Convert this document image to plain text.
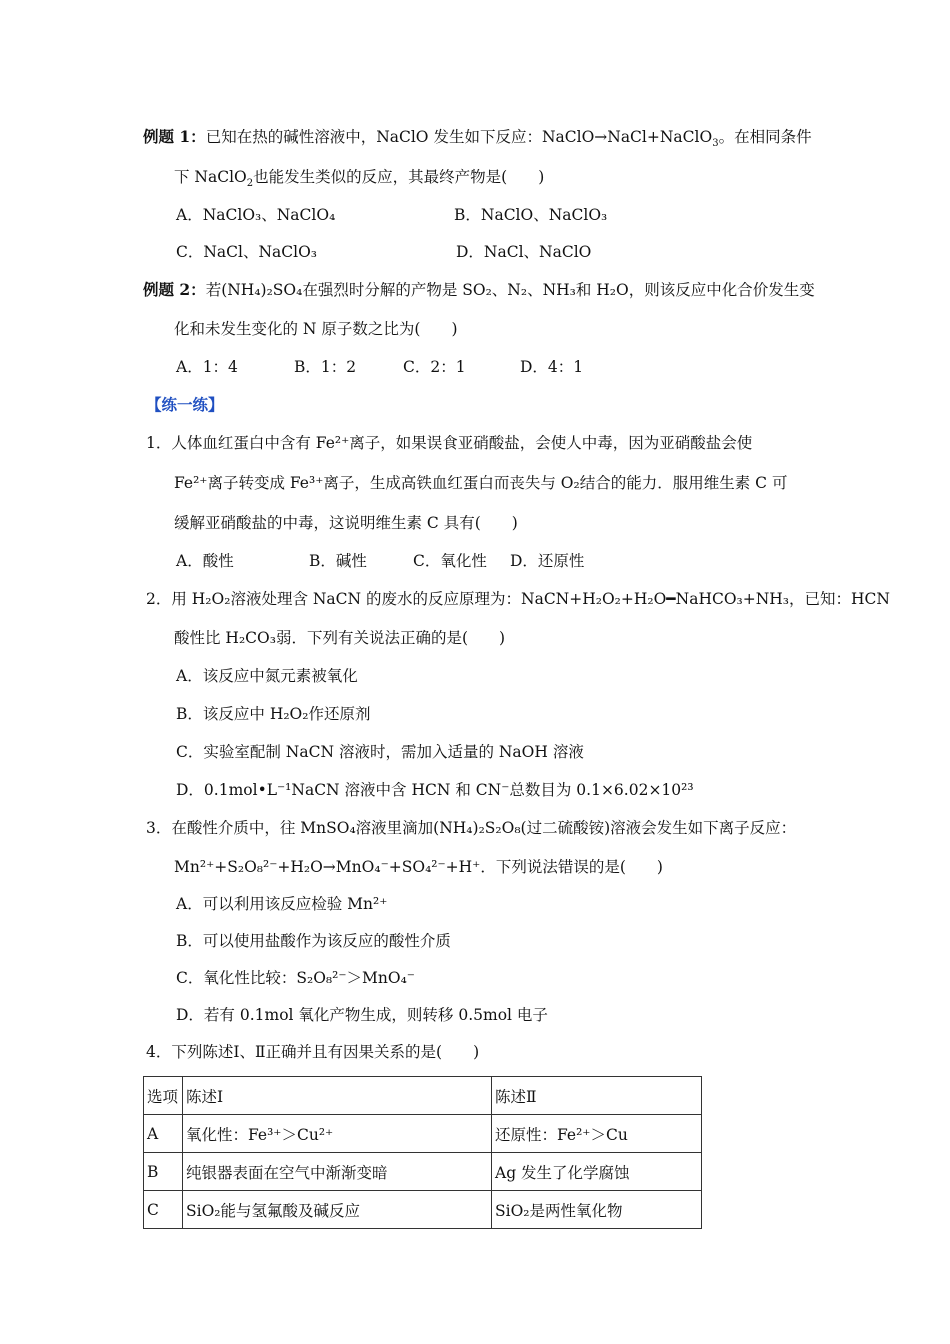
例题 1：已知在热的碱性溶液中，NaClO 发生如下反应：NaClO→NaCl+NaClO$_3$。在相同条件
下 NaClO$_2$也能发生类似的反应，其最终产物是(　　)
A．NaClO₃、NaClO₄	B．NaClO、NaClO₃
C．NaCl、NaClO₃	D．NaCl、NaClO
例题 2：若(NH₄)₂SO₄在强烈时分解的产物是 SO₂、N₂、NH₃和 H₂O，则该反应中化合价发生变
化和未发生变化的 N 原子数之比为(　　)
A．1：4	B．1：2	C．2：1	D．4：1
【练一练】
1．人体血红蛋白中含有 Fe²⁺离子，如果误食亚硝酸盐，会使人中毒，因为亚硝酸盐会使
Fe²⁺离子转变成 Fe³⁺离子，生成高铁血红蛋白而丧失与 O₂结合的能力．服用维生素 C 可
缓解亚硝酸盐的中毒，这说明维生素 C 具有(　　)
A．酸性	B．碱性	C．氧化性 D．还原性
2．用 H₂O₂溶液处理含 NaCN 的废水的反应原理为：NaCN+H₂O₂+H₂O━NaHCO₃+NH₃，已知：HCN
酸性比 H₂CO₃弱．下列有关说法正确的是(　　)
A．该反应中氮元素被氧化
B．该反应中 H₂O₂作还原剂
C．实验室配制 NaCN 溶液时，需加入适量的 NaOH 溶液
D．0.1mol•L⁻¹NaCN 溶液中含 HCN 和 CN⁻总数目为 0.1×6.02×10²³
3．在酸性介质中，往 MnSO₄溶液里滴加(NH₄)₂S₂O₈(过二硫酸铵)溶液会发生如下离子反应：
Mn²⁺+S₂O₈²⁻+H₂O→MnO₄⁻+SO₄²⁻+H⁺．下列说法错误的是(　　)
A．可以利用该反应检验 Mn²⁺
B．可以使用盐酸作为该反应的酸性介质
C．氧化性比较：S₂O₈²⁻＞MnO₄⁻
D．若有 0.1mol 氧化产物生成，则转移 0.5mol 电子
4．下列陈述Ⅰ、Ⅱ正确并且有因果关系的是(　　)
选项	陈述Ⅰ	陈述Ⅱ
A	氧化性：Fe³⁺＞Cu²⁺	还原性：Fe²⁺＞Cu
B	纯银器表面在空气中渐渐变暗	Ag 发生了化学腐蚀
C	SiO₂能与氢氟酸及碱反应	SiO₂是两性氧化物
